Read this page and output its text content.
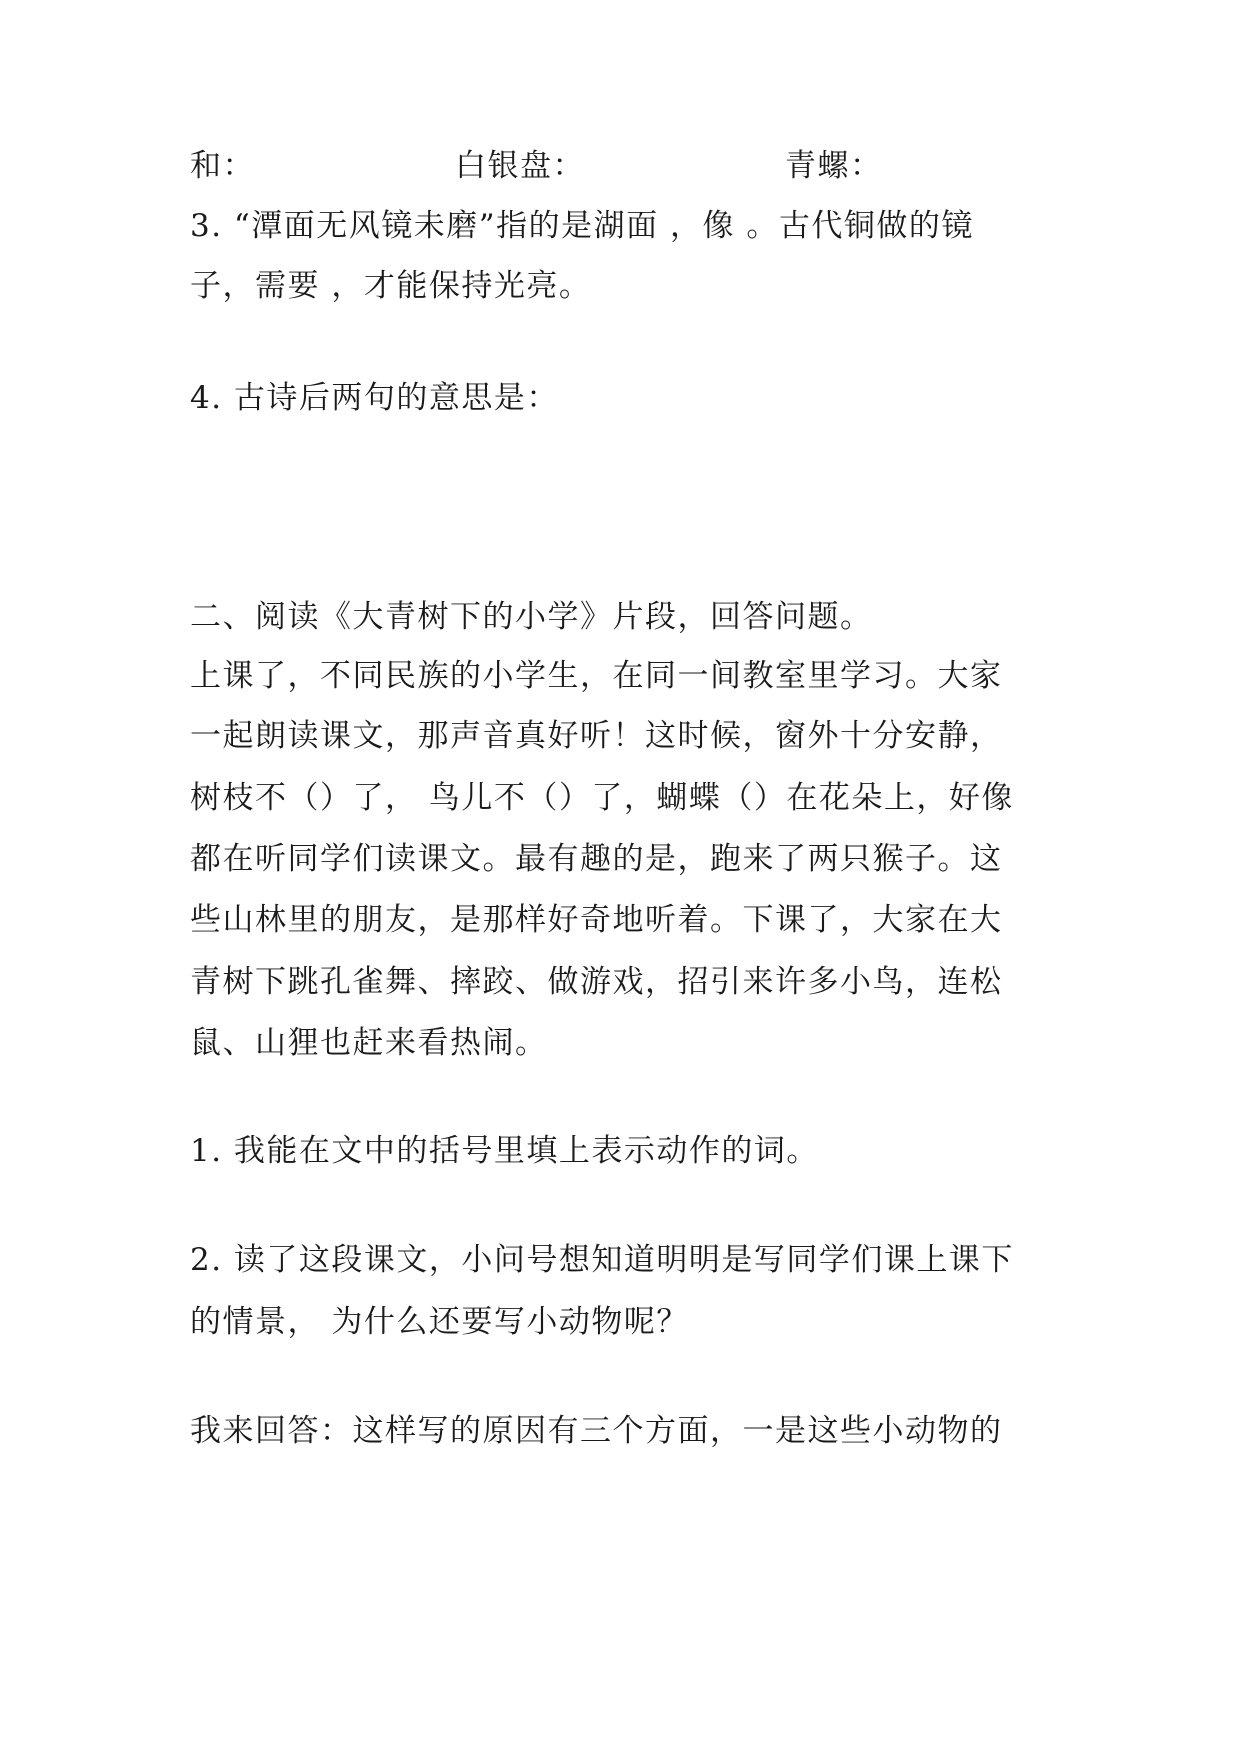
和：	白银盘：	青螺：
3. “潭面无风镜未磨”指的是湖面 ，像 。古代铜做的镜
子，需要 ，才能保持光亮。
4. 古诗后两句的意思是：
二、阅读《大青树下的小学》片段，回答问题。
上课了，不同民族的小学生，在同一间教室里学习。大家
一起朗读课文，那声音真好听！这时候，窗外十分安静，
树枝不（）了， 鸟儿不（）了，蝴蝶（）在花朵上，好像
都在听同学们读课文。最有趣的是，跑来了两只猴子。这
些山林里的朋友，是那样好奇地听着。下课了，大家在大
青树下跳孔雀舞、摔跤、做游戏，招引来许多小鸟，连松
鼠、山狸也赶来看热闹。
1. 我能在文中的括号里填上表示动作的词。
2. 读了这段课文，小问号想知道明明是写同学们课上课下
的情景， 为什么还要写小动物呢？
我来回答：这样写的原因有三个方面，一是这些小动物的
